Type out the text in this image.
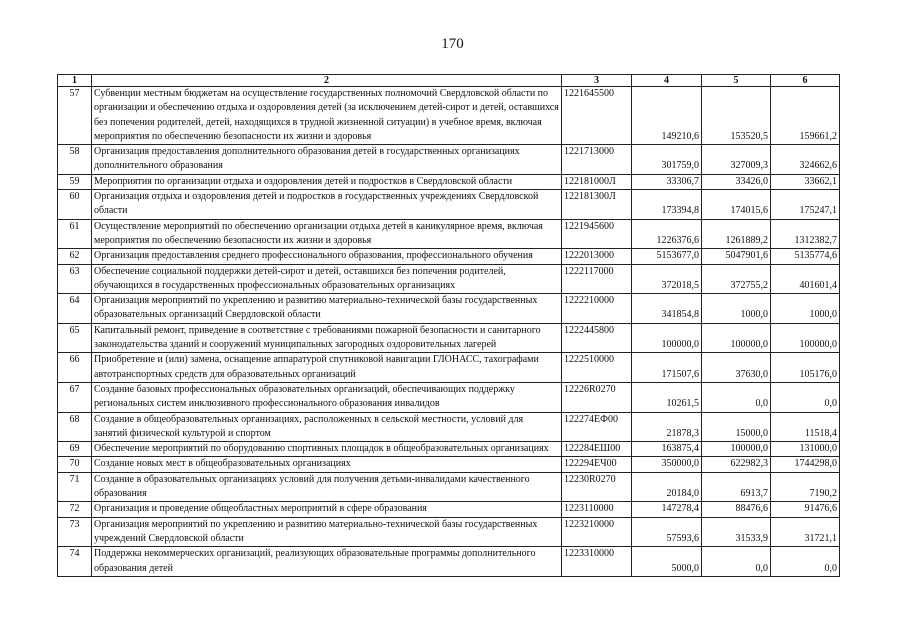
170
1	2	3	4	5	6
57	Субвенции местным бюджетам на осуществление государственных полномочий Свердловской области по организации и обеспечению отдыха и оздоровления детей (за исключением детей-сирот и детей, оставшихся без попечения родителей, детей, находящихся в трудной жизненной ситуации) в учебное время, включая мероприятия по обеспечению безопасности их жизни и здоровья	1221645500	149210,6	153520,5	159661,2
58	Организация предоставления дополнительного образования детей в государственных организациях дополнительного образования	1221713000	301759,0	327009,3	324662,6
59	Мероприятия по организации отдыха и оздоровления детей и подростков в Свердловской области	122181000Л	33306,7	33426,0	33662,1
60	Организация отдыха и оздоровления детей и подростков в государственных учреждениях Свердловской области	122181300Л	173394,8	174015,6	175247,1
61	Осуществление мероприятий по обеспечению организации отдыха детей в каникулярное время, включая мероприятия по обеспечению безопасности их жизни и здоровья	1221945600	1226376,6	1261889,2	1312382,7
62	Организация предоставления среднего профессионального образования, профессионального обучения	1222013000	5153677,0	5047901,6	5135774,6
63	Обеспечение социальной поддержки детей-сирот и детей, оставшихся без попечения родителей, обучающихся в государственных профессиональных образовательных организациях	1222117000	372018,5	372755,2	401601,4
64	Организация мероприятий по укреплению и развитию материально-технической базы государственных образовательных организаций Свердловской области	1222210000	341854,8	1000,0	1000,0
65	Капитальный ремонт, приведение в соответствие с требованиями пожарной безопасности и санитарного законодательства зданий и сооружений муниципальных загородных оздоровительных лагерей	1222445800	100000,0	100000,0	100000,0
66	Приобретение и (или) замена, оснащение аппаратурой спутниковой навигации ГЛОНАСС, тахографами автотранспортных средств для образовательных организаций	1222510000	171507,6	37630,0	105176,0
67	Создание базовых профессиональных образовательных организаций, обеспечивающих поддержку региональных систем инклюзивного профессионального образования инвалидов	12226R0270	10261,5	0,0	0,0
68	Создание в общеобразовательных организациях, расположенных в сельской местности, условий для занятий физической культурой и спортом	122274ЕФ00	21878,3	15000,0	11518,4
69	Обеспечение мероприятий по оборудованию спортивных площадок в общеобразовательных организациях	122284ЕШ00	163875,4	100000,0	131000,0
70	Создание новых мест в общеобразовательных организациях	122294ЕЧ00	350000,0	622982,3	1744298,0
71	Создание в образовательных организациях условий для получения детьми-инвалидами качественного образования	12230R0270	20184,0	6913,7	7190,2
72	Организация и проведение общеобластных мероприятий в сфере образования	1223110000	147278,4	88476,6	91476,6
73	Организация мероприятий по укреплению и развитию материально-технической базы государственных учреждений Свердловской области	1223210000	57593,6	31533,9	31721,1
74	Поддержка некоммерческих организаций, реализующих образовательные программы дополнительного образования детей	1223310000	5000,0	0,0	0,0
